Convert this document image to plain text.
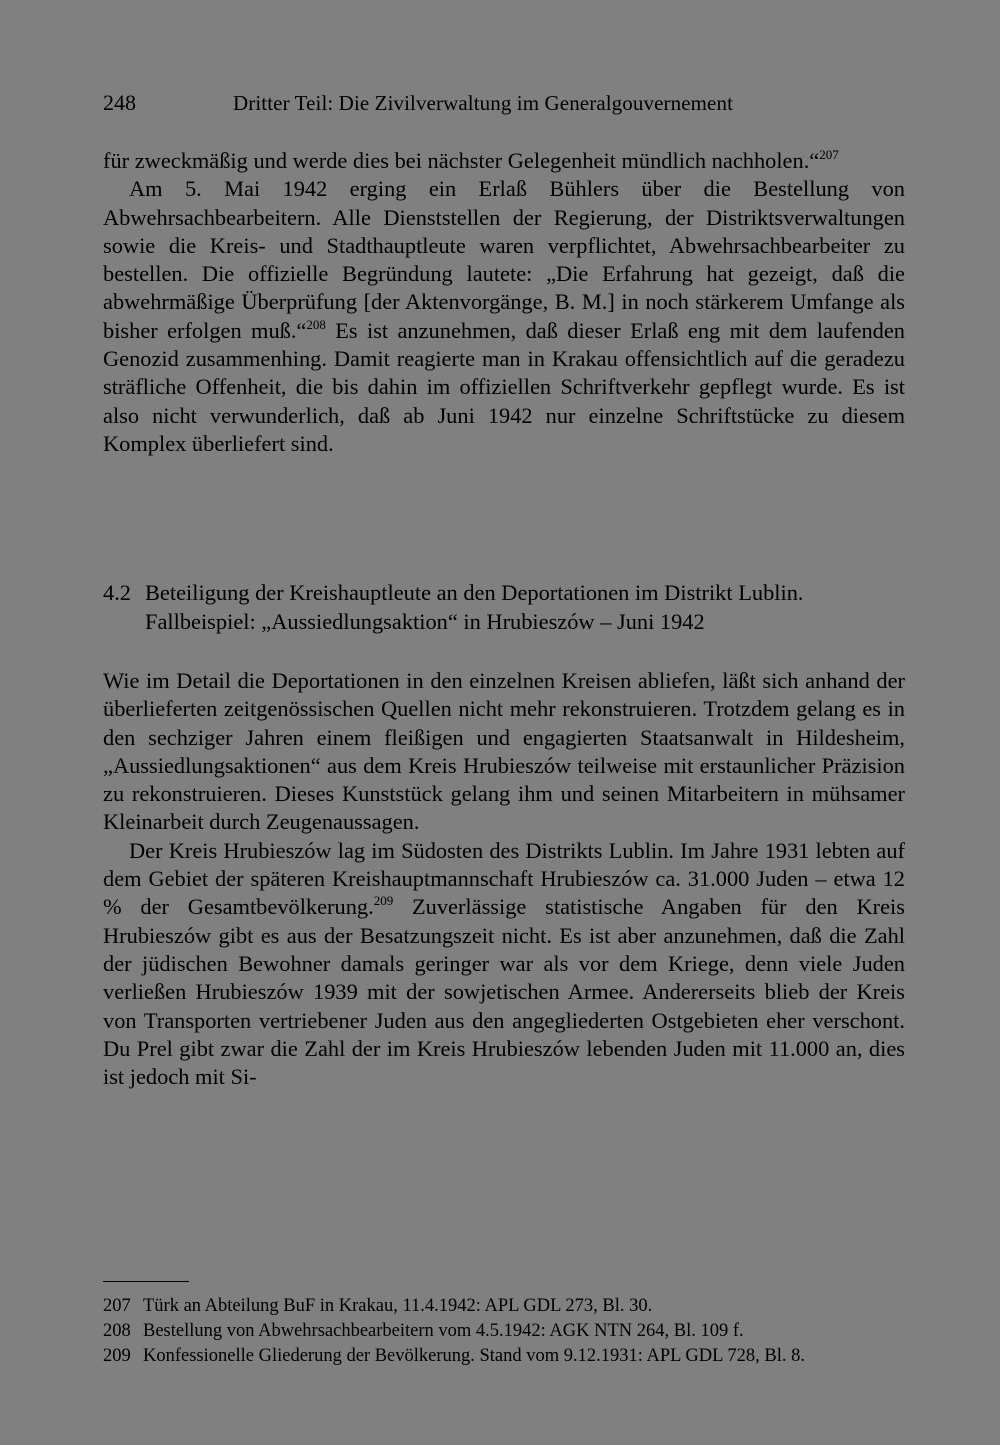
248	Dritter Teil: Die Zivilverwaltung im Generalgouvernement

für zweckmäßig und werde dies bei nächster Gelegenheit mündlich nachholen.“$^{207}$

Am 5. Mai 1942 erging ein Erlaß Bühlers über die Bestellung von Abwehrsachbearbeitern. Alle Dienststellen der Regierung, der Distriktsverwaltungen sowie die Kreis- und Stadthauptleute waren verpflichtet, Abwehrsachbearbeiter zu bestellen. Die offizielle Begründung lautete: „Die Erfahrung hat gezeigt, daß die abwehrmäßige Überprüfung [der Aktenvorgänge, B. M.] in noch stärkerem Umfange als bisher erfolgen muß.“$^{208}$ Es ist anzunehmen, daß dieser Erlaß eng mit dem laufenden Genozid zusammenhing. Damit reagierte man in Krakau offensichtlich auf die geradezu sträfliche Offenheit, die bis dahin im offiziellen Schriftverkehr gepflegt wurde. Es ist also nicht verwunderlich, daß ab Juni 1942 nur einzelne Schriftstücke zu diesem Komplex überliefert sind.

4.2 Beteiligung der Kreishauptleute an den Deportationen im Distrikt Lublin.
Fallbeispiel: „Aussiedlungsaktion“ in Hrubieszów – Juni 1942

Wie im Detail die Deportationen in den einzelnen Kreisen abliefen, läßt sich anhand der überlieferten zeitgenössischen Quellen nicht mehr rekonstruieren. Trotzdem gelang es in den sechziger Jahren einem fleißigen und engagierten Staatsanwalt in Hildesheim, „Aussiedlungsaktionen“ aus dem Kreis Hrubieszów teilweise mit erstaunlicher Präzision zu rekonstruieren. Dieses Kunststück gelang ihm und seinen Mitarbeitern in mühsamer Kleinarbeit durch Zeugenaussagen.

Der Kreis Hrubieszów lag im Südosten des Distrikts Lublin. Im Jahre 1931 lebten auf dem Gebiet der späteren Kreishauptmannschaft Hrubieszów ca. 31.000 Juden – etwa 12 % der Gesamtbevölkerung.$^{209}$ Zuverlässige statistische Angaben für den Kreis Hrubieszów gibt es aus der Besatzungszeit nicht. Es ist aber anzunehmen, daß die Zahl der jüdischen Bewohner damals geringer war als vor dem Kriege, denn viele Juden verließen Hrubieszów 1939 mit der sowjetischen Armee. Andererseits blieb der Kreis von Transporten vertriebener Juden aus den angegliederten Ostgebieten eher verschont. Du Prel gibt zwar die Zahl der im Kreis Hrubieszów lebenden Juden mit 11.000 an, dies ist jedoch mit Si-

207 Türk an Abteilung BuF in Krakau, 11.4.1942: APL GDL 273, Bl. 30.
208 Bestellung von Abwehrsachbearbeitern vom 4.5.1942: AGK NTN 264, Bl. 109 f.
209 Konfessionelle Gliederung der Bevölkerung. Stand vom 9.12.1931: APL GDL 728, Bl. 8.
